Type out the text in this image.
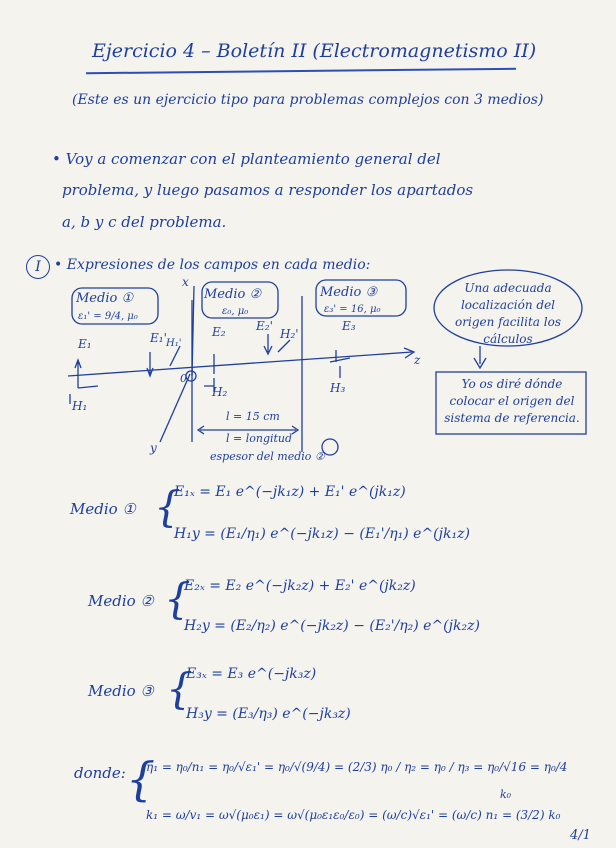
Ejercicio 4 – Boletín II (Electromagnetismo II)
(Este es un ejercicio tipo para problemas complejos con 3 medios)
• Voy a comenzar con el planteamiento general del
problema, y luego pasamos a responder los apartados
a, b y c del problema.
I • Expresiones de los campos en cada medio:
Medio ①
ε₁' = 9/4, μ₀
Medio ②
ε₀, μ₀
Medio ③
ε₃' = 16, μ₀
x
y
z
E₁	E₁'
H₁
H₁'
E₂	E₂'
H₂
H₂'
E₃
H₃
0
l = 15 cm
l = longitud
espesor del medio ②
Una adecuada localización del origen facilita los cálculos
Yo os diré dónde colocar el origen del sistema de referencia.
Medio ① {
E₁ₓ = E₁ e^(−jk₁z) + E₁' e^(jk₁z)
H₁y = (E₁/η₁) e^(−jk₁z) − (E₁'/η₁) e^(jk₁z)
Medio ② {
E₂ₓ = E₂ e^(−jk₂z) + E₂' e^(jk₂z)
H₂y = (E₂/η₂) e^(−jk₂z) − (E₂'/η₂) e^(jk₂z)
Medio ③ {
E₃ₓ = E₃ e^(−jk₃z)
H₃y = (E₃/η₃) e^(−jk₃z)
donde: {
η₁ = η₀/n₁ = η₀/√ε₁' = η₀/√(9/4) = (2/3) η₀ / η₂ = η₀ / η₃ = η₀/√16 = η₀/4
k₀
k₁ = ω/v₁ = ω√(μ₀ε₁) = ω√(μ₀ε₁ε₀/ε₀) = (ω/c)√ε₁' = (ω/c) n₁ = (3/2) k₀
4/1
